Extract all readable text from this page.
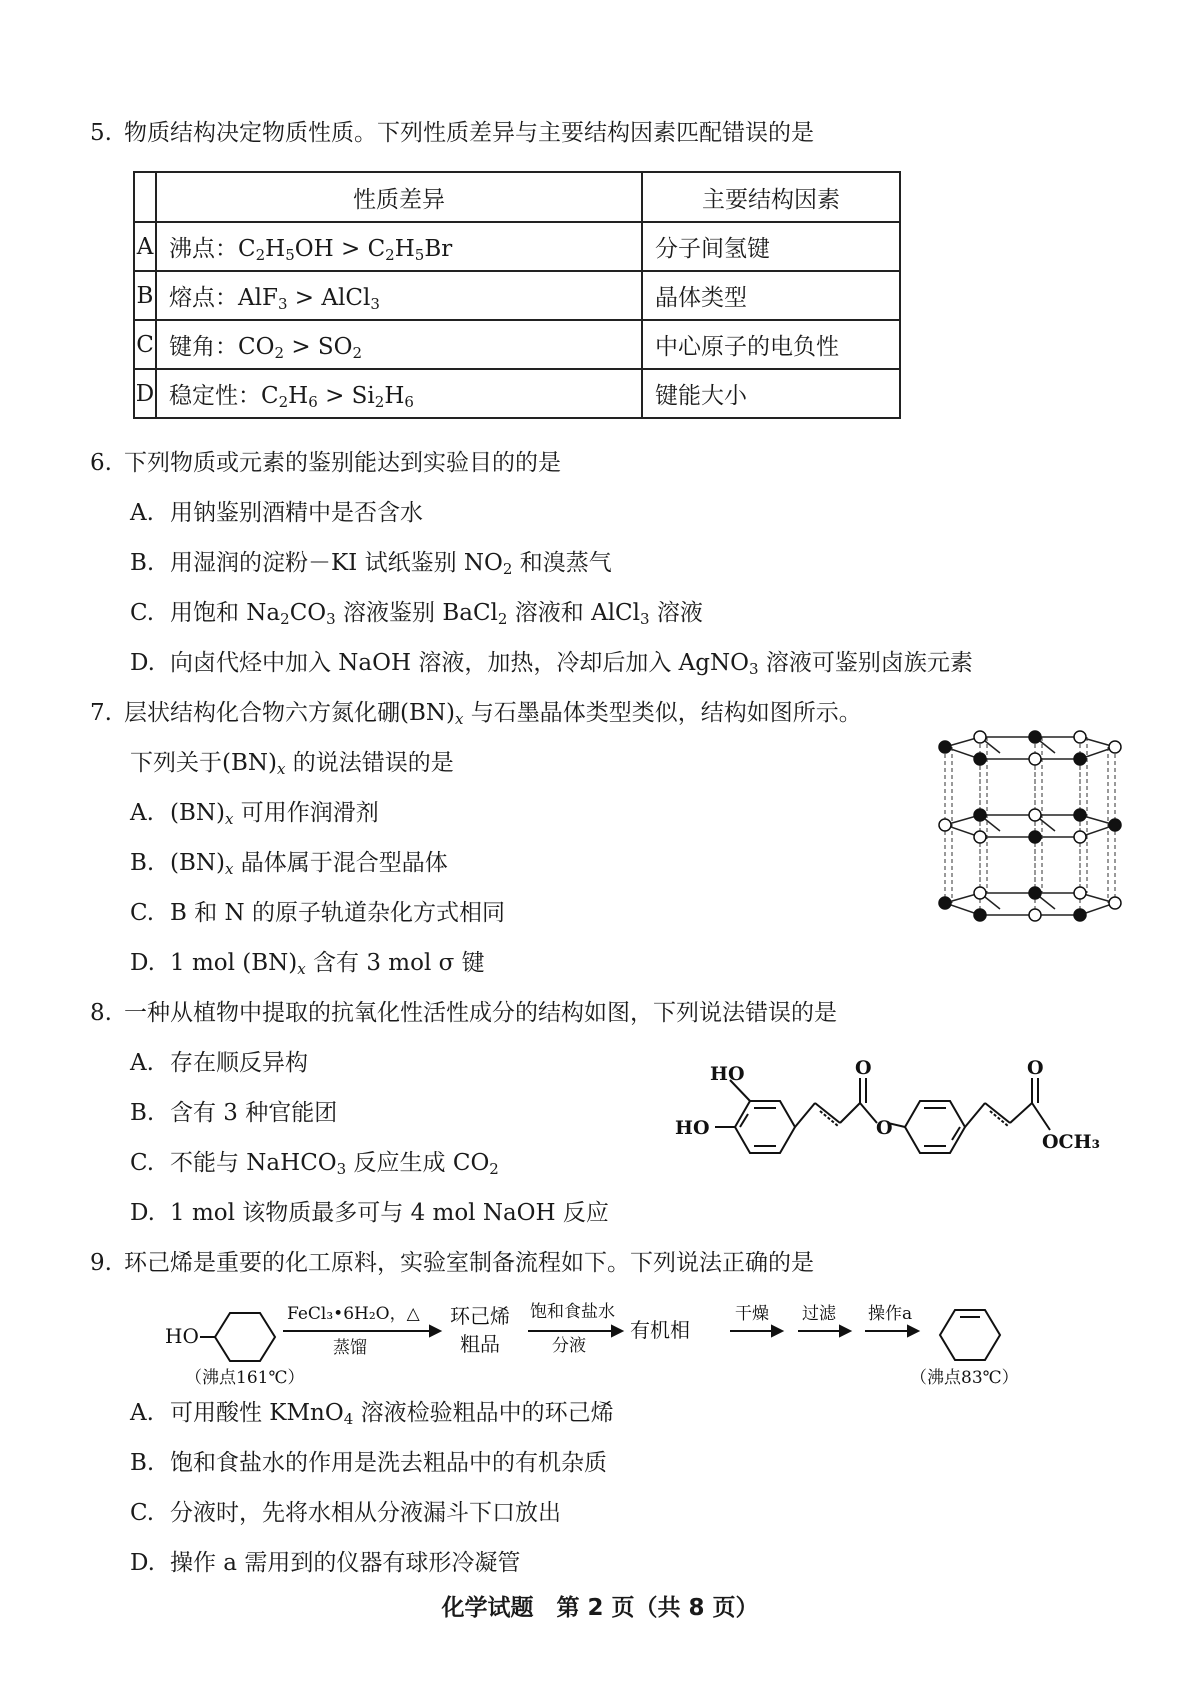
5. 物质结构决定物质性质。下列性质差异与主要结构因素匹配错误的是
	性质差异	主要结构因素
A	沸点：$C_2H_5OH > C_2H_5Br$	分子间氢键
B	熔点：AlF$_3$ > AlCl$_3$	晶体类型
C	键角：$CO_2 > SO_2$	中心原子的电负性
D	稳定性：$C_2H_6 > Si_2H_6$	键能大小
6. 下列物质或元素的鉴别能达到实验目的的是
A. 用钠鉴别酒精中是否含水
B. 用湿润的淀粉－KI 试纸鉴别 $NO_2$ 和溴蒸气
C. 用饱和 $Na_2CO_3$ 溶液鉴别 BaCl$_2$ 溶液和 AlCl$_3$ 溶液
D. 向卤代烃中加入 NaOH 溶液，加热，冷却后加入 AgNO$_3$ 溶液可鉴别卤族元素
7. 层状结构化合物六方氮化硼$(BN)_x$ 与石墨晶体类型类似，结构如图所示。
下列关于$(BN)_x$ 的说法错误的是
A. $(BN)_x$ 可用作润滑剂
B. $(BN)_x$ 晶体属于混合型晶体
C. B 和 N 的原子轨道杂化方式相同
D. 1 mol $(BN)_x$ 含有 3 mol σ 键
8. 一种从植物中提取的抗氧化性活性成分的结构如图，下列说法错误的是
A. 存在顺反异构
B. 含有 3 种官能团
C. 不能与 NaHCO$_3$ 反应生成 $CO_2$
D. 1 mol 该物质最多可与 4 mol NaOH 反应
HO
HO
O
O
O
OCH₃
9. 环己烯是重要的化工原料，实验室制备流程如下。下列说法正确的是
HO
（沸点161℃）
FeCl₃•6H₂O，△
蒸馏
环己烯
粗品
饱和食盐水
分液
有机相
干燥 过滤 操作a
（沸点83℃）
A. 可用酸性 KMnO$_4$ 溶液检验粗品中的环己烯
B. 饱和食盐水的作用是洗去粗品中的有机杂质
C. 分液时，先将水相从分液漏斗下口放出
D. 操作 a 需用到的仪器有球形冷凝管
化学试题　第 2 页（共 8 页）
